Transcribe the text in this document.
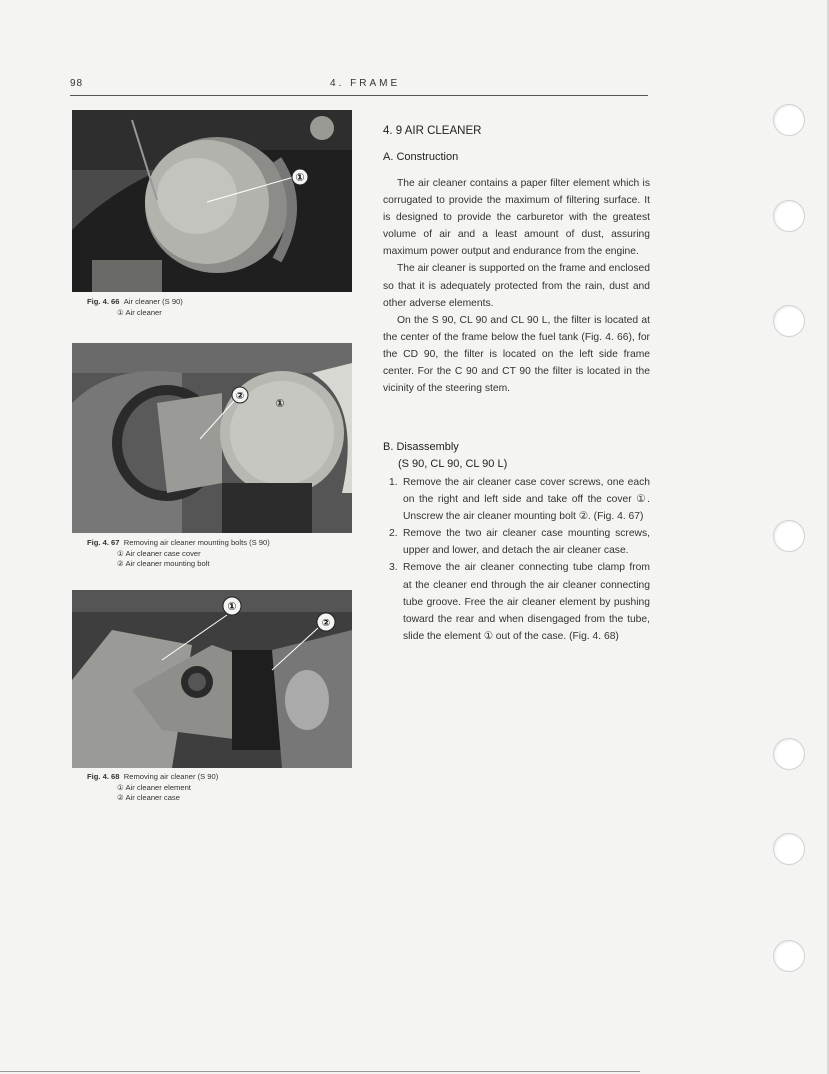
98	4. FRAME
①
Fig. 4. 66 Air cleaner (S 90)
① Air cleaner
②
①
Fig. 4. 67 Removing air cleaner mounting bolts (S 90)
① Air cleaner case cover
② Air cleaner mounting bolt
①
②
Fig. 4. 68 Removing air cleaner (S 90)
① Air cleaner element
② Air cleaner case
4. 9 AIR CLEANER
A. Construction

The air cleaner contains a paper filter element which is corrugated to provide the maximum of filtering surface. It is designed to provide the carburetor with the greatest volume of air and a least amount of dust, assuring maximum power output and endurance from the engine.

The air cleaner is supported on the frame and enclosed so that it is adequately protected from the rain, dust and other adverse elements.

On the S 90, CL 90 and CL 90 L, the filter is located at the center of the frame below the fuel tank (Fig. 4. 66), for the CD 90, the filter is located on the left side frame center. For the C 90 and CT 90 the filter is located in the vicinity of the steering stem.

B. Disassembly
(S 90, CL 90, CL 90 L)
1. Remove the air cleaner case cover screws, one each on the right and left side and take off the cover ①. Unscrew the air cleaner mounting bolt ②. (Fig. 4. 67)
2. Remove the two air cleaner case mounting screws, upper and lower, and detach the air cleaner case.
3. Remove the air cleaner connecting tube clamp from at the cleaner end through the air cleaner connecting tube groove. Free the air cleaner element by pushing toward the rear and when disengaged from the tube, slide the element ① out of the case. (Fig. 4. 68)
